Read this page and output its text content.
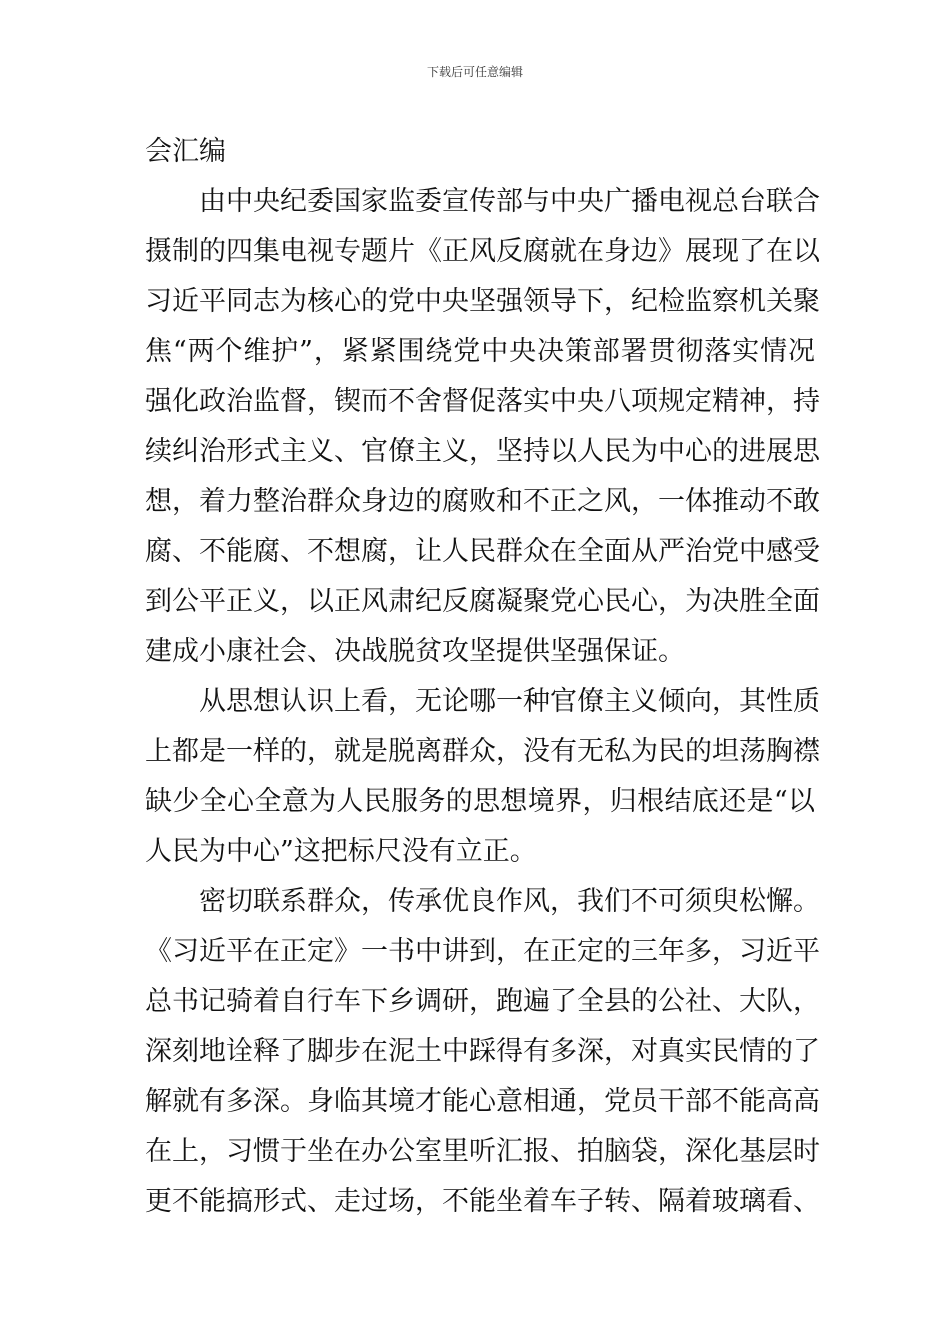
下载后可任意编辑
会汇编
由中央纪委国家监委宣传部与中央广播电视总台联合
摄制的四集电视专题片《正风反腐就在身边》展现了在以
习近平同志为核心的党中央坚强领导下，纪检监察机关聚
焦“两个维护”，紧紧围绕党中央决策部署贯彻落实情况
强化政治监督，锲而不舍督促落实中央八项规定精神，持
续纠治形式主义、官僚主义，坚持以人民为中心的进展思
想，着力整治群众身边的腐败和不正之风，一体推动不敢
腐、不能腐、不想腐，让人民群众在全面从严治党中感受
到公平正义，以正风肃纪反腐凝聚党心民心，为决胜全面
建成小康社会、决战脱贫攻坚提供坚强保证。
从思想认识上看，无论哪一种官僚主义倾向，其性质
上都是一样的，就是脱离群众，没有无私为民的坦荡胸襟
缺少全心全意为人民服务的思想境界，归根结底还是“以
人民为中心”这把标尺没有立正。
密切联系群众，传承优良作风，我们不可须臾松懈。
《习近平在正定》一书中讲到，在正定的三年多，习近平
总书记骑着自行车下乡调研，跑遍了全县的公社、大队，
深刻地诠释了脚步在泥土中踩得有多深，对真实民情的了
解就有多深。身临其境才能心意相通，党员干部不能高高
在上，习惯于坐在办公室里听汇报、拍脑袋，深化基层时
更不能搞形式、走过场，不能坐着车子转、隔着玻璃看、
